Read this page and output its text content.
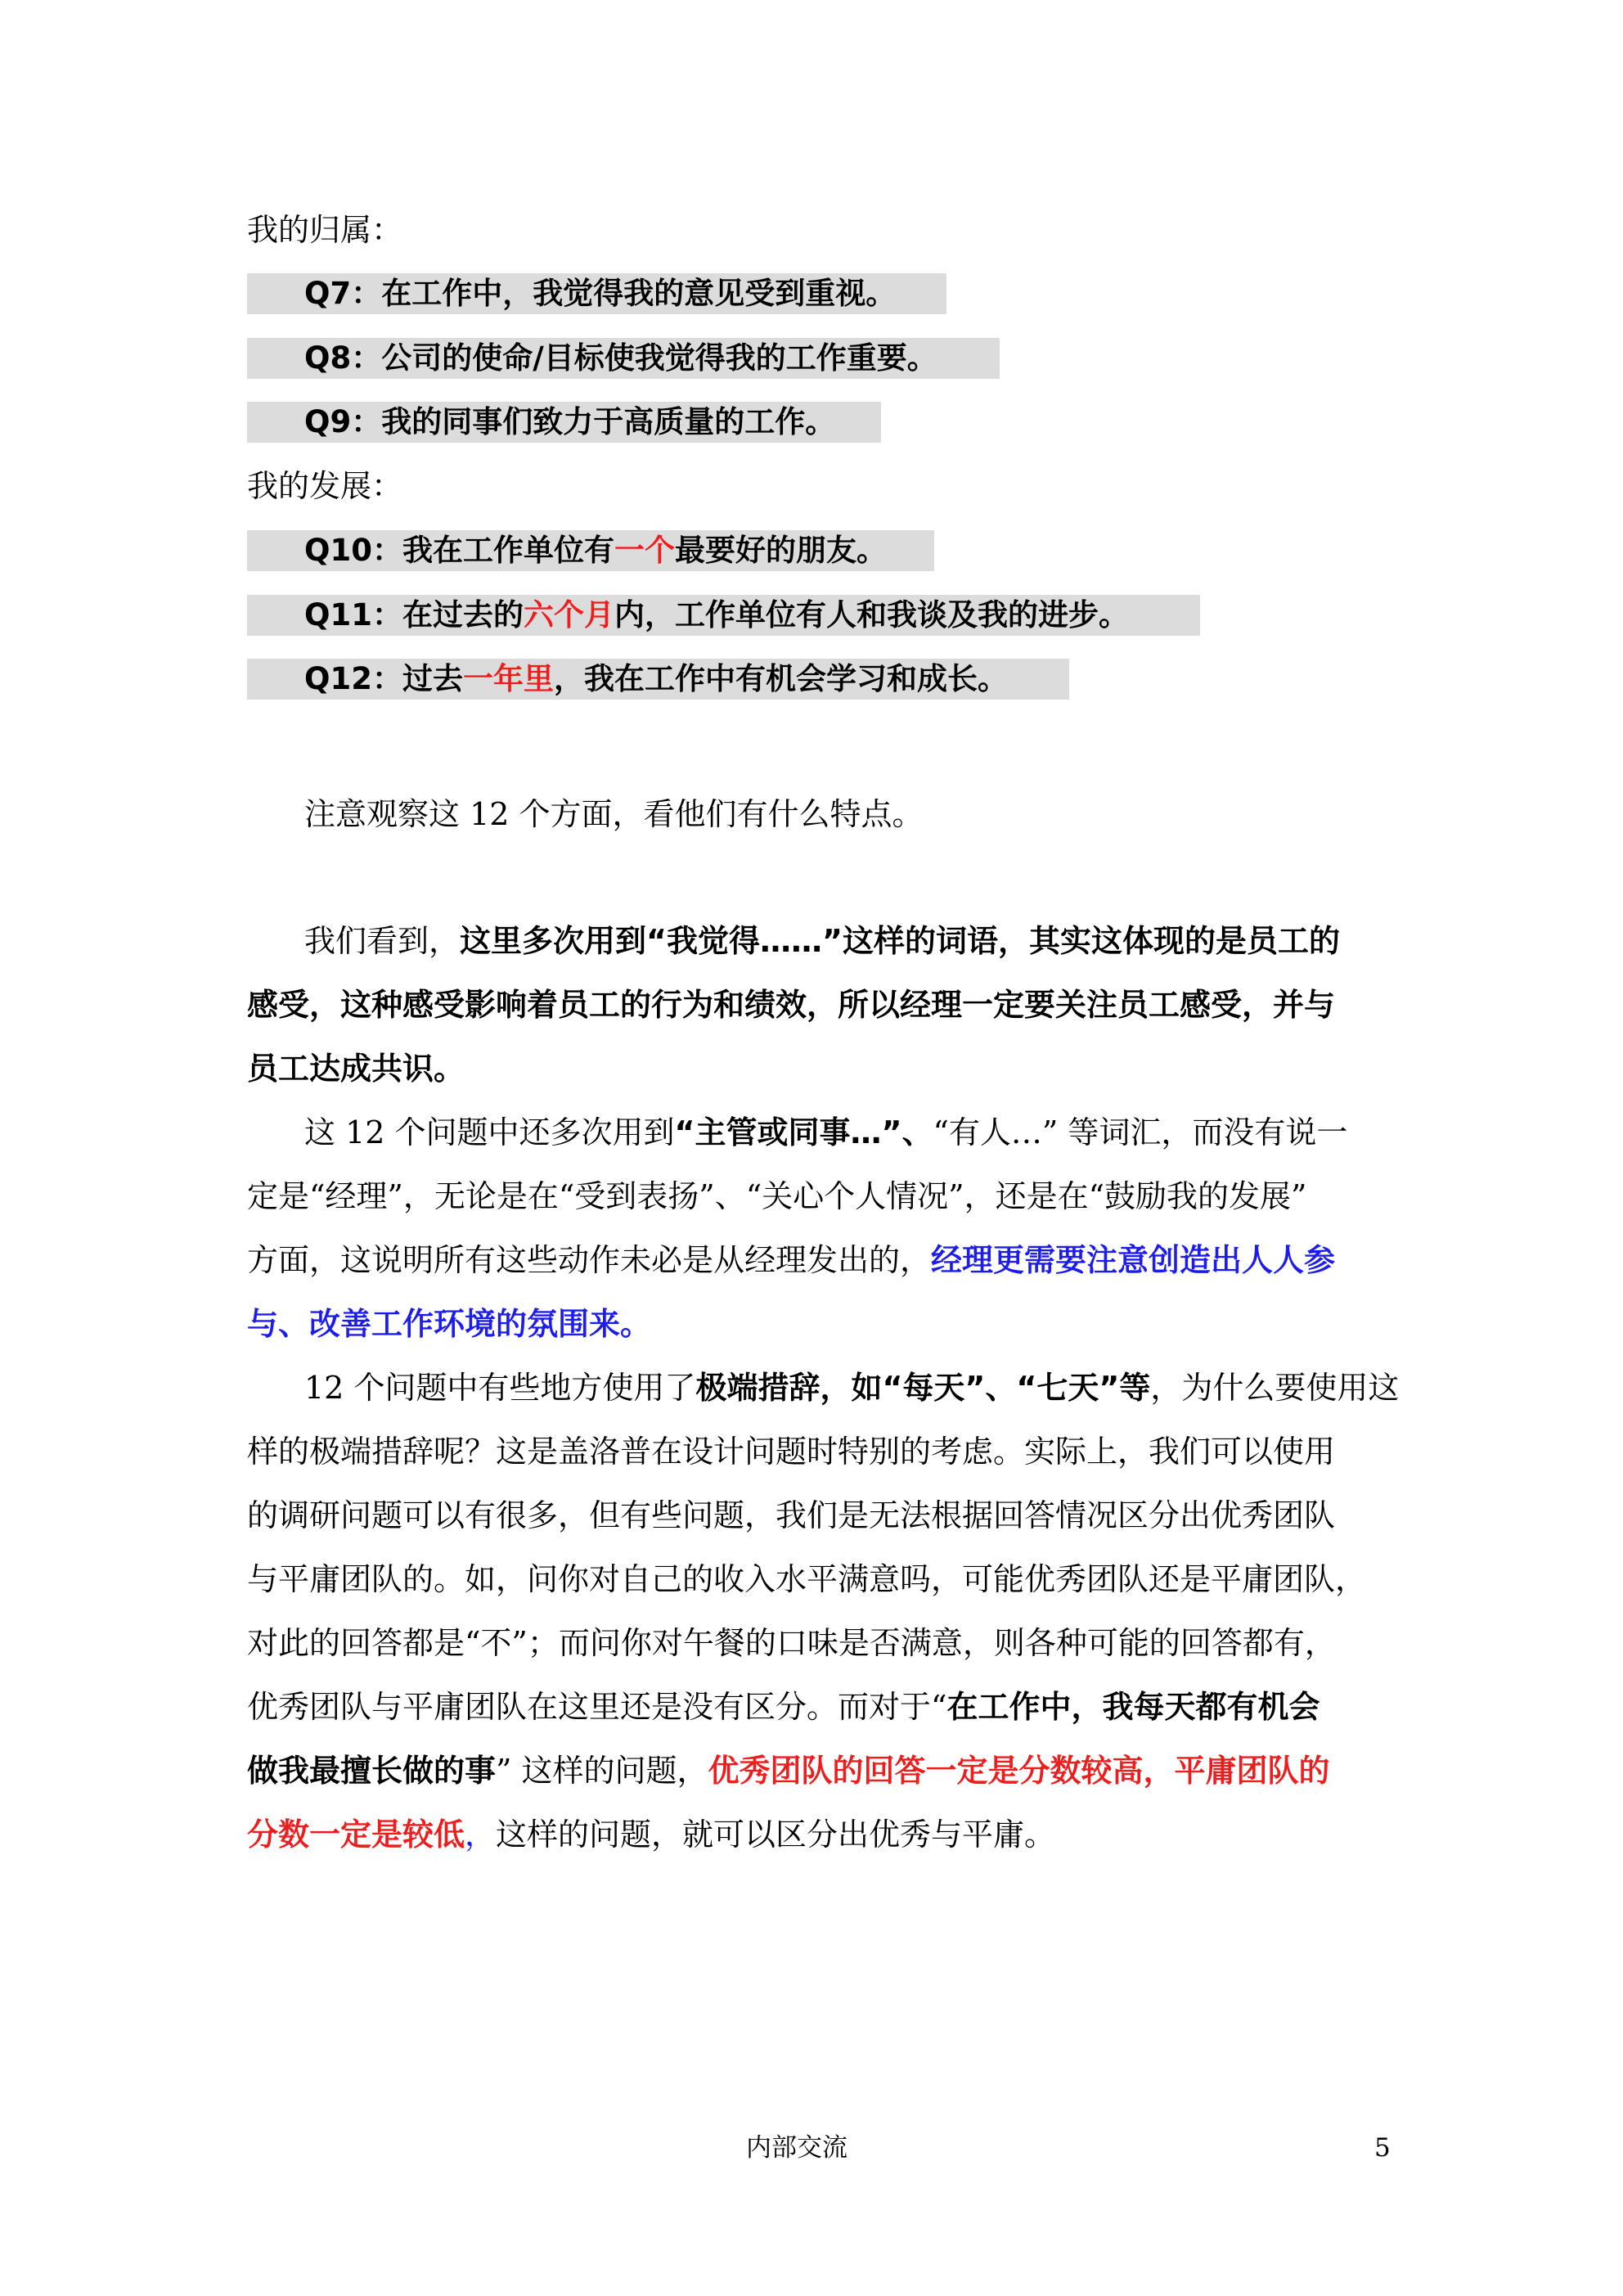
我的归属：
Q7：在工作中，我觉得我的意见受到重视。
Q8：公司的使命/目标使我觉得我的工作重要。
Q9：我的同事们致力于高质量的工作。
我的发展：
Q10：我在工作单位有一个最要好的朋友。
Q11：在过去的六个月内，工作单位有人和我谈及我的进步。
Q12：过去一年里，我在工作中有机会学习和成长。

注意观察这 12 个方面，看他们有什么特点。

我们看到，这里多次用到“我觉得……”这样的词语，其实这体现的是员工的
感受，这种感受影响着员工的行为和绩效，所以经理一定要关注员工感受，并与
员工达成共识。

这 12 个问题中还多次用到“主管或同事…”、“有人…” 等词汇，而没有说一
定是“经理”，无论是在“受到表扬”、“关心个人情况”，还是在“鼓励我的发展”
方面，这说明所有这些动作未必是从经理发出的，经理更需要注意创造出人人参
与、改善工作环境的氛围来。

12 个问题中有些地方使用了极端措辞，如“每天”、“七天”等，为什么要使用这
样的极端措辞呢？这是盖洛普在设计问题时特别的考虑。实际上，我们可以使用
的调研问题可以有很多，但有些问题，我们是无法根据回答情况区分出优秀团队
与平庸团队的。如，问你对自己的收入水平满意吗，可能优秀团队还是平庸团队，
对此的回答都是“不”；而问你对午餐的口味是否满意，则各种可能的回答都有，
优秀团队与平庸团队在这里还是没有区分。而对于“在工作中，我每天都有机会
做我最擅长做的事” 这样的问题，优秀团队的回答一定是分数较高，平庸团队的
分数一定是较低，这样的问题，就可以区分出优秀与平庸。

内部交流	5
